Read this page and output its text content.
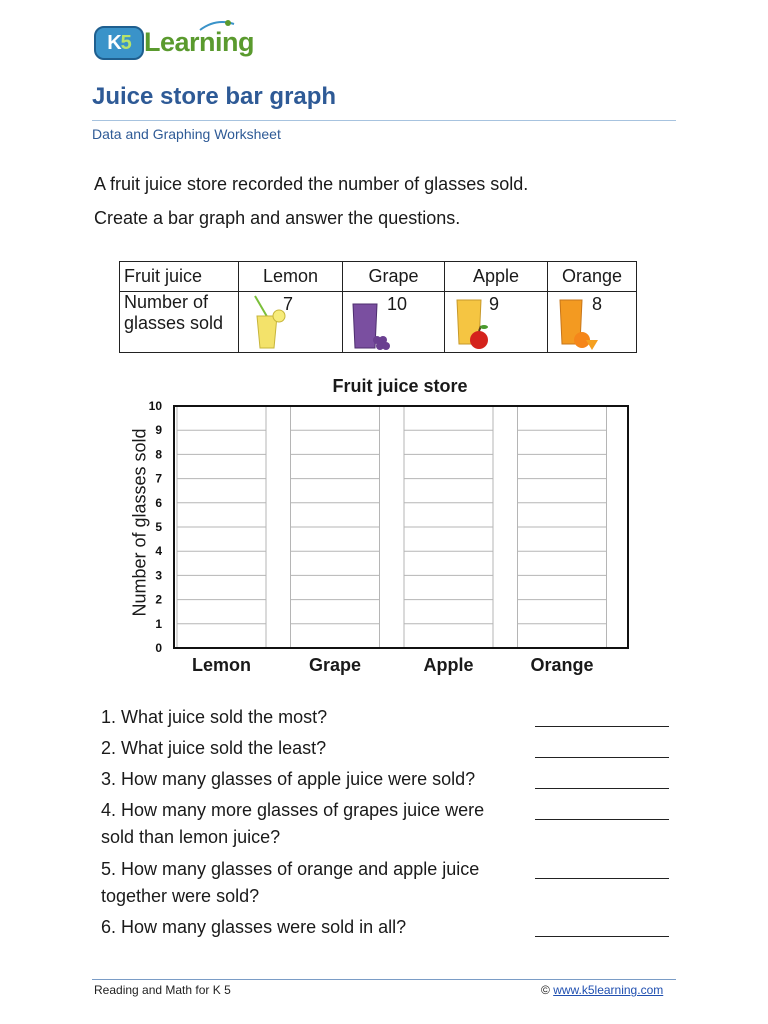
K5 Learning
Juice store bar graph
Data and Graphing Worksheet
A fruit juice store recorded the number of glasses sold.
Create a bar graph and answer the questions.
Fruit juice	Lemon	Grape	Apple	Orange

Number of
glasses sold	7	10	9	8
Fruit juice store
Number of glasses sold
0
1
2
3
4
5
6
7
8
9
10
Lemon	Grape	Apple	Orange
1. What juice sold the most?
2. What juice sold the least?
3. How many glasses of apple juice were sold?
4. How many more glasses of grapes juice were sold than lemon juice?
5. How many glasses of orange and apple juice together were sold?
6. How many glasses were sold in all?
Reading and Math for K 5	© www.k5learning.com
